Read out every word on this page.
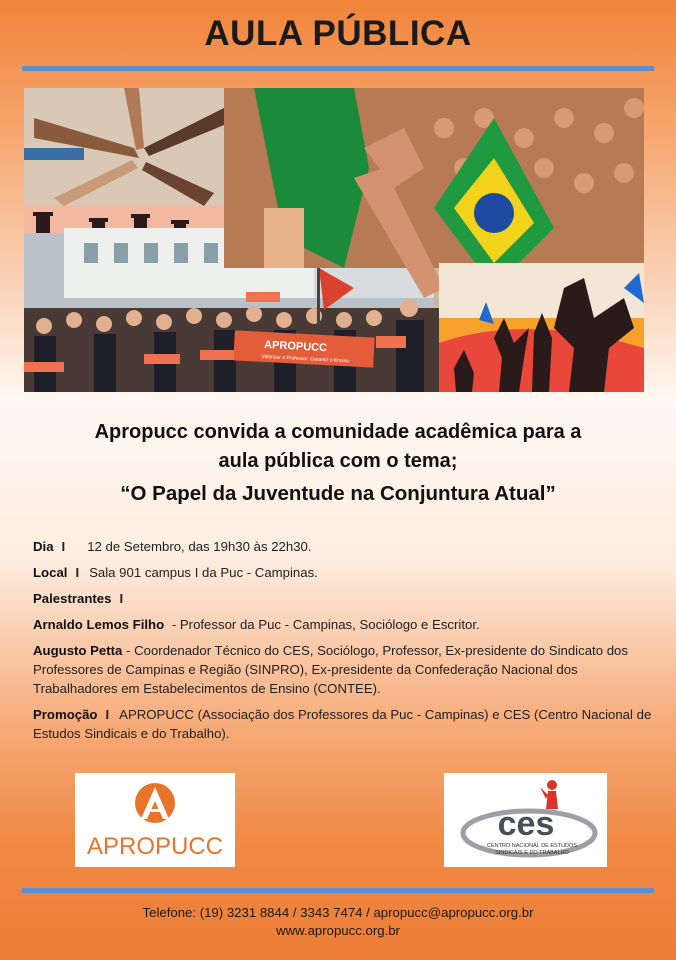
AULA PÚBLICA
APROPUCC
Valorizar o Professor. Garantir o Ensino
Apropucc convida a comunidade acadêmica para a
aula pública com o tema;
“O Papel da Juventude na Conjuntura Atual”

Dia I 12 de Setembro, das 19h30 às 22h30.

Local I Sala 901 campus I da Puc - Campinas.

Palestrantes I

Arnaldo Lemos Filho - Professor da Puc - Campinas, Sociólogo e Escritor.

Augusto Petta - Coordenador Técnico do CES, Sociólogo, Professor, Ex-presidente do Sindicato dos Professores de Campinas e Região (SINPRO), Ex-presidente da Confederação Nacional dos Trabalhadores em Estabelecimentos de Ensino (CONTEE).

Promoção I APROPUCC (Associação dos Professores da Puc - Campinas) e CES (Centro Nacional de Estudos Sindicais e do Trabalho).

APROPUCC
ces
CENTRO NACIONAL DE ESTUDOS
SINDICAIS E DO TRABALHO
Telefone: (19) 3231 8844 / 3343 7474 / apropucc@apropucc.org.br
www.apropucc.org.br
